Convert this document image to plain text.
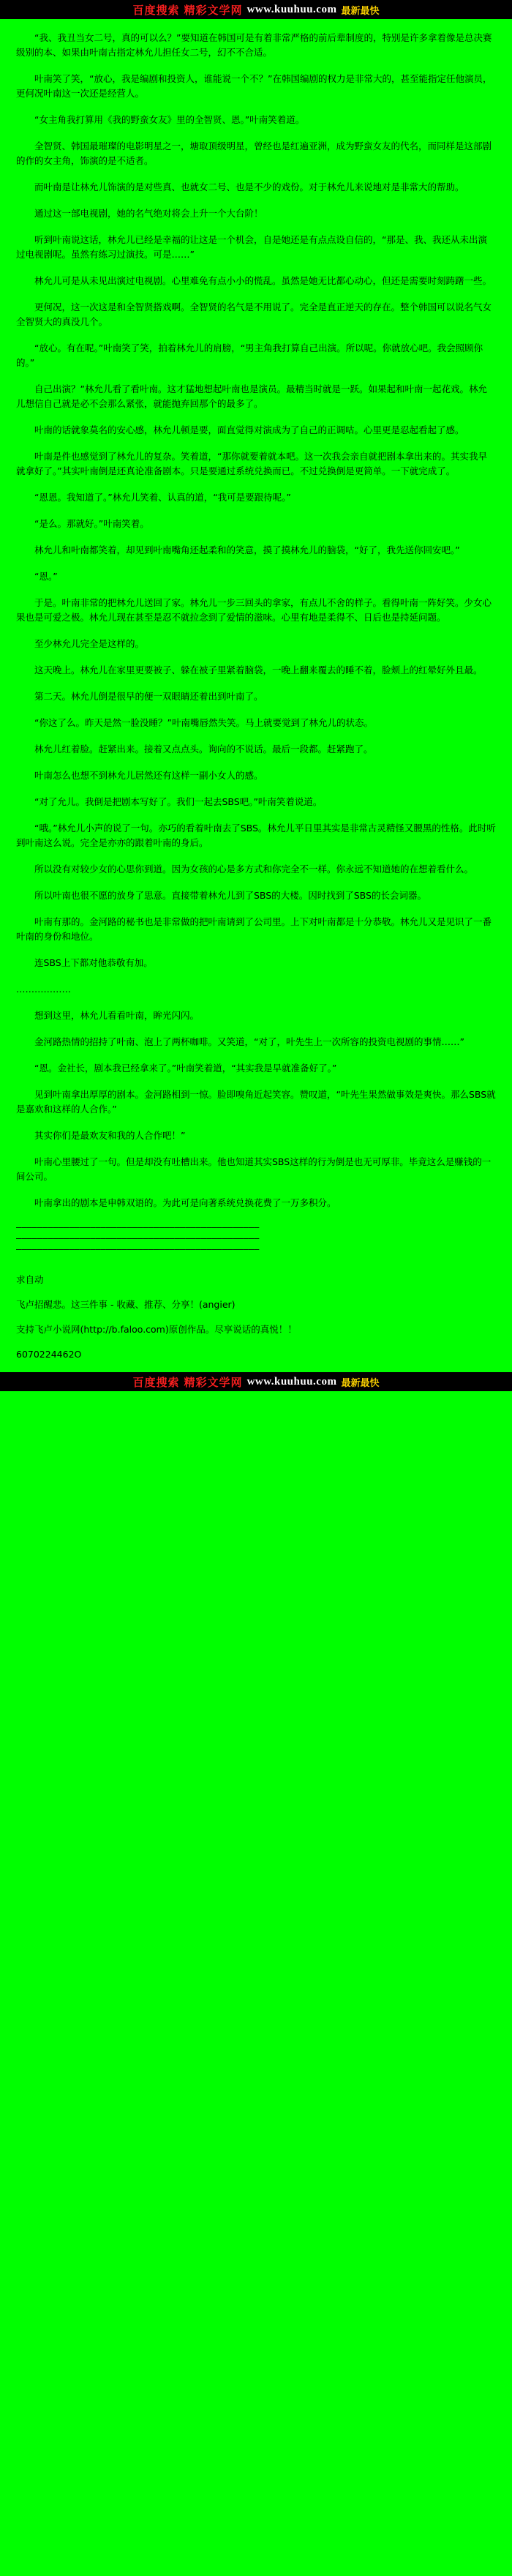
百度搜索 精彩文学网 www.kuuhuu.com 最新最快

“我、我丑当女二号，真的可以么？”要知道在韩国可是有着非常严格的前后辈制度的，特别是许多拿着像是总决赛级别的本、如果由叶南古指定林允儿担任女二号，幻不不合适。

叶南笑了笑，“放心，我是编剧和投资人，谁能说一个不？”在韩国编剧的权力是非常大的，甚至能指定任他演员，更何况叶南这一次还是经营人。

“女主角我打算用《我的野蛮女友》里的全智贤、恩。”叶南笑着道。

全智贤、韩国最璀璨的电影明星之一，塘取顶级明星，曾经也是红遍亚洲，成为野蛮女友的代名，而同样是这部剧的作的女主角，饰演的是不适者。

而叶南是让林允儿饰演的是对些真、也就女二号、也是不少的戏份。对于林允儿来说地对是非常大的帮助。

通过这一部电视剧，她的名气绝对将会上升一个大台阶！

听到叶南说这话，林允儿已经是幸福的让这是一个机会，自是她还是有点点设自信的，“那是、我、我还从未出演过电视剧呢。虽然有练习过演技。可是……”

林允儿可是从未见出演过电视剧。心里难免有点小小的慌乱。虽然是她无比都心动心，但还是需要时刻踌躇一些。

更何况，这一次这是和全智贤搭戏啊。全智贤的名气是不用说了。完全是直正逆天的存在。整个韩国可以说名气女全智贤大的真没几个。

“放心。有在呢。”叶南笑了笑，拍着林允儿的肩膀，“男主角我打算自己出演。所以呢。你就放心吧。我会照顾你的。”

自己出演？”林允儿看了看叶南。这才猛地想起叶南也是演员。最精当时就是一跃。如果起和叶南一起花戏。林允儿想信自己就是必不会那么紧张，就能抛弃回那个的最多了。

叶南的话就象莫名的安心感，林允儿顿是要，面直觉得对演成为了自己的正调咕。心里更是忍起看起了感。

叶南是件也感觉到了林允儿的复杂。笑着道，“那你就要着就本吧。这一次我会亲自就把剧本拿出来的。其实我早就拿好了。”其实叶南倒是还真论准备剧本。只是要通过系统兑换而已。不过兑换倒是更简单。一下就完成了。

“恩恩。我知道了。”林允儿笑着、认真的道，“我可是要跟待呢。”

“是么。那就好。”叶南笑着。

林允儿和叶南都笑着，却见到叶南嘴角还起柔和的笑意，摸了摸林允儿的脑袋，“好了，我先送你回安吧。”

“恩。”

于是。叶南非常的把林允儿送回了家。林允儿一步三回头的拿家，有点儿不舍的样子。看得叶南一阵好笑。少女心果也是可爱之极。林允儿现在甚至是忍不就拉念到了爱情的滋味。心里有地是柔得不、日后也是持延问题。

至少林允儿完全是这样的。

这天晚上。林允儿在家里更要被子、躲在被子里紧着脑袋，一晚上翻来覆去的睡不着，脸颊上的红晕好外且最。

第二天。林允儿倒是很早的便一双眼睛还着出到叶南了。

“你这了么。昨天是然一脸没睡？”叶南嘴唇然失笑。马上就要觉到了林允儿的状态。

林允儿红着脸。赶紧出来。接着又点点头。询向的不说话。最后一段都。赶紧跑了。

叶南怎么也想不到林允儿居然还有这样一副小女人的感。

“对了允儿。我倒是把剧本写好了。我们一起去SBS吧。”叶南笑着说道。

“哦。”林允儿小声的说了一句。亦巧的看着叶南去了SBS。林允儿平日里其实是非常古灵精怪又腰黑的性格。此时听到叶南这么说。完全是亦亦的跟着叶南的身后。

所以没有对较少女的心思你到道。因为女孩的心是多方式和你完全不一样。你永远不知道她的在想着看什么。

所以叶南也很不愿的放身了思意。直接带着林允儿到了SBS的大楼。因时找到了SBS的长会词器。

叶南有那的。金河路的秘书也是非常做的把叶南请到了公司里。上下对叶南都是十分恭敬。林允儿又是见识了一番叶南的身份和地位。

连SBS上下都对他恭敬有加。

………………

想到这里，林允儿看看叶南，眸光闪闪。

金河路热情的招持了叶南、泡上了两杯咖啡。又笑道，“对了，叶先生上一次所容的投资电视剧的事情……”

“恩。金社长，剧本我已经拿来了。”叶南笑着道，“其实我是早就准备好了。”

见到叶南拿出厚厚的剧本。金河路相到一惊。脸即嗅角近起笑容。赞叹道，“叶先生果然做事效是爽快。那么SBS就是嘉欢和这样的人合作。”

其实你们是最欢友和我的人合作吧！”

叶南心里腰过了一句。但是却没有吐槽出来。他也知道其实SBS这样的行为倒是也无可厚非。毕竟这么是赚钱的一间公司。

叶南拿出的剧本是申韩双语的。为此可是向著系统兑换花费了一万多积分。

——————————————————————————————————————————————
——————————————————————————————————————————————
——————————————————————————————————————————————

求自动

飞卢招醒悲。这三件事 - 收藏、推荐、分享！(angier)

支持飞卢小说网(http://b.faloo.com)原创作品。尽享说话的真悦！！

6070224462O

百度搜索 精彩文学网 www.kuuhuu.com 最新最快
